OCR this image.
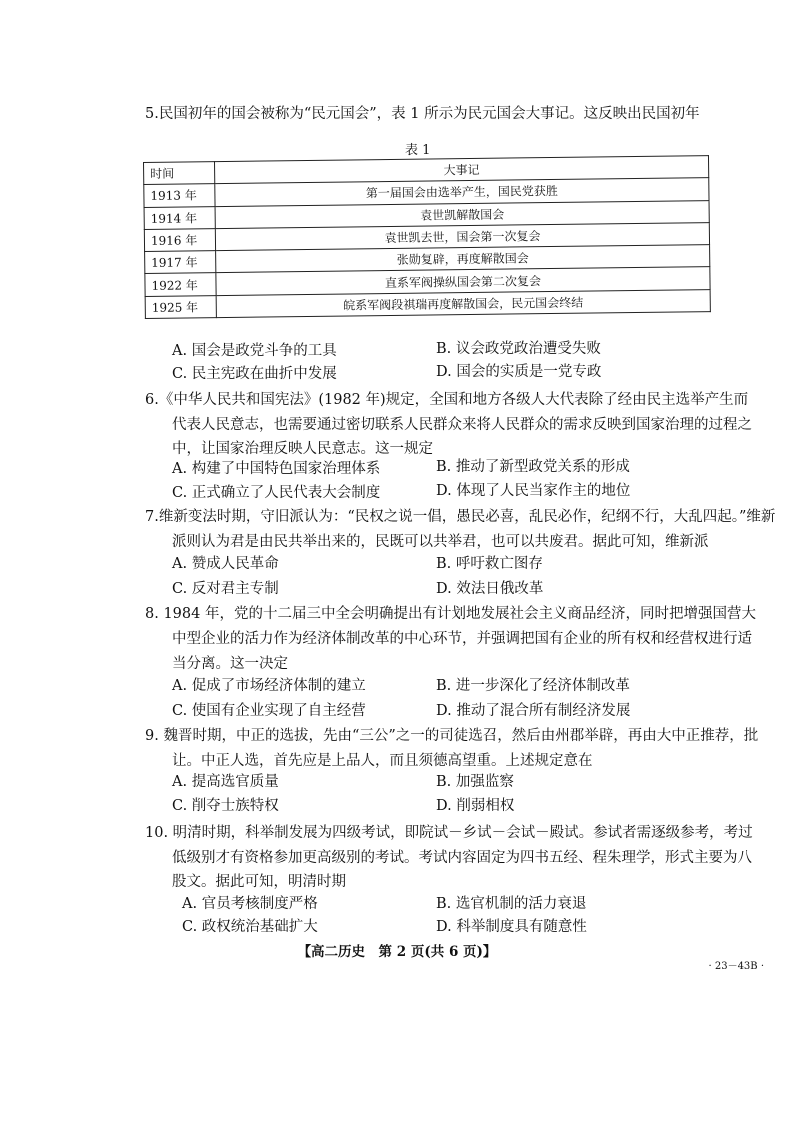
5.民国初年的国会被称为“民元国会”，表 1 所示为民元国会大事记。这反映出民国初年
表 1
时间	大事记
1913 年	第一届国会由选举产生，国民党获胜
1914 年	袁世凯解散国会
1916 年	袁世凯去世，国会第一次复会
1917 年	张勋复辟，再度解散国会
1922 年	直系军阀操纵国会第二次复会
1925 年	皖系军阀段祺瑞再度解散国会，民元国会终结
A. 国会是政党斗争的工具	B. 议会政党政治遭受失败
C. 民主宪政在曲折中发展	D. 国会的实质是一党专政
6.《中华人民共和国宪法》(1982 年)规定，全国和地方各级人大代表除了经由民主选举产生而
代表人民意志，也需要通过密切联系人民群众来将人民群众的需求反映到国家治理的过程之
中，让国家治理反映人民意志。这一规定
A. 构建了中国特色国家治理体系	B. 推动了新型政党关系的形成
C. 正式确立了人民代表大会制度	D. 体现了人民当家作主的地位
7.维新变法时期，守旧派认为：“民权之说一倡，愚民必喜，乱民必作，纪纲不行，大乱四起。”维新
派则认为君是由民共举出来的，民既可以共举君，也可以共废君。据此可知，维新派
A. 赞成人民革命	B. 呼吁救亡图存
C. 反对君主专制	D. 效法日俄改革
8. 1984 年，党的十二届三中全会明确提出有计划地发展社会主义商品经济，同时把增强国营大
中型企业的活力作为经济体制改革的中心环节，并强调把国有企业的所有权和经营权进行适
当分离。这一决定
A. 促成了市场经济体制的建立	B. 进一步深化了经济体制改革
C. 使国有企业实现了自主经营	D. 推动了混合所有制经济发展
9. 魏晋时期，中正的选拔，先由“三公”之一的司徒选召，然后由州郡举辟，再由大中正推荐，批
让。中正人选，首先应是上品人，而且须德高望重。上述规定意在
A. 提高选官质量	B. 加强监察
C. 削夺士族特权	D. 削弱相权
10. 明清时期，科举制发展为四级考试，即院试－乡试－会试－殿试。参试者需逐级参考，考过
低级别才有资格参加更高级别的考试。考试内容固定为四书五经、程朱理学，形式主要为八
股文。据此可知，明清时期
A. 官员考核制度严格	B. 选官机制的活力衰退
C. 政权统治基础扩大	D. 科举制度具有随意性
【高二历史　第 2 页(共 6 页)】
· 23－43B ·
